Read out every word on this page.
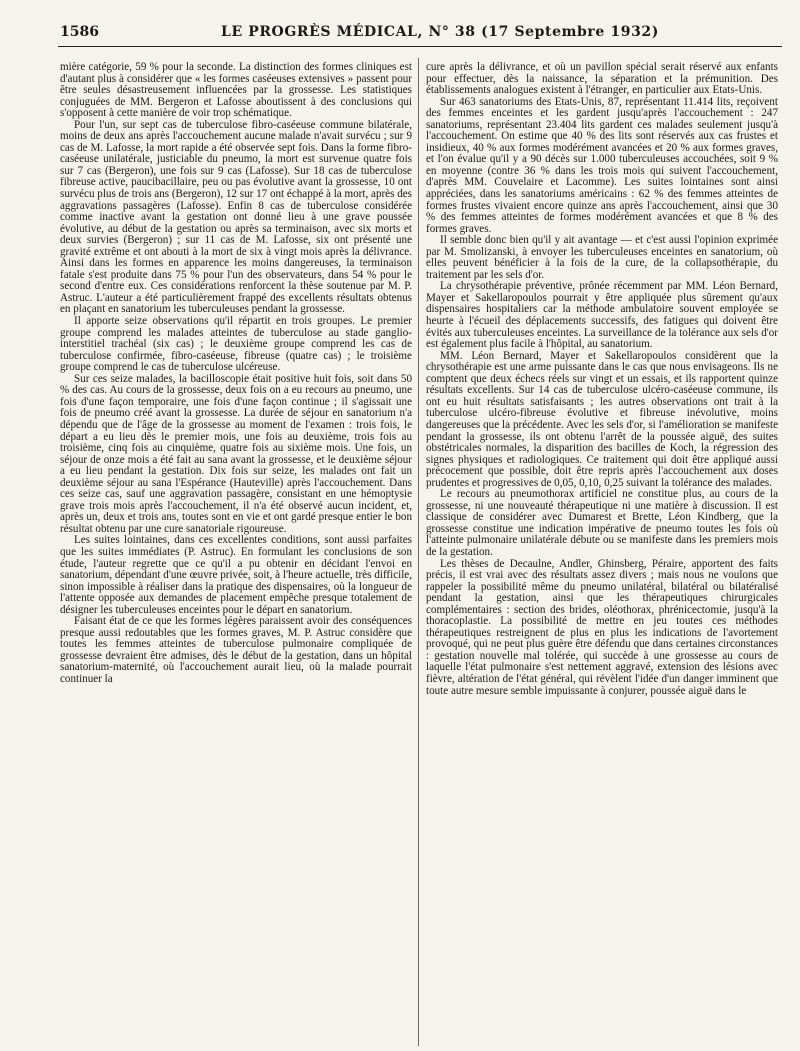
1586	LE PROGRÈS MÉDICAL, N° 38 (17 Septembre 1932)

mière catégorie, 59 % pour la seconde. La distinction des formes cliniques est d'autant plus à considérer que « les formes caséeuses extensives » passent pour être seules désastreusement influencées par la grossesse. Les statistiques conjuguées de MM. Bergeron et Lafosse aboutissent à des conclusions qui s'opposent à cette manière de voir trop schématique.

Pour l'un, sur sept cas de tuberculose fibro-caséeuse commune bilatérale, moins de deux ans après l'accouchement aucune malade n'avait survécu ; sur 9 cas de M. Lafosse, la mort rapide a été observée sept fois. Dans la forme fibro-caséeuse unilatérale, justiciable du pneumo, la mort est survenue quatre fois sur 7 cas (Bergeron), une fois sur 9 cas (Lafosse). Sur 18 cas de tuberculose fibreuse active, paucibacillaire, peu ou pas évolutive avant la grossesse, 10 ont survécu plus de trois ans (Bergeron), 12 sur 17 ont échappé à la mort, après des aggravations passagères (Lafosse). Enfin 8 cas de tuberculose considérée comme inactive avant la gestation ont donné lieu à une grave poussée évolutive, au début de la gestation ou après sa terminaison, avec six morts et deux survies (Bergeron) ; sur 11 cas de M. Lafosse, six ont présenté une gravité extrême et ont abouti à la mort de six à vingt mois après la délivrance. Ainsi dans les formes en apparence les moins dangereuses, la terminaison fatale s'est produite dans 75 % pour l'un des observateurs, dans 54 % pour le second d'entre eux. Ces considérations renforcent la thèse soutenue par M. P. Astruc. L'auteur a été particulièrement frappé des excellents résultats obtenus en plaçant en sanatorium les tuberculeuses pendant la grossesse.

Il apporte seize observations qu'il répartit en trois groupes. Le premier groupe comprend les malades atteintes de tuberculose au stade ganglio-interstitiel trachéal (six cas) ; le deuxième groupe comprend les cas de tuberculose confirmée, fibro-caséeuse, fibreuse (quatre cas) ; le troisième groupe comprend le cas de tuberculose ulcéreuse.

Sur ces seize malades, la bacilloscopie était positive huit fois, soit dans 50 % des cas. Au cours de la grossesse, deux fois on a eu recours au pneumo, une fois d'une façon temporaire, une fois d'une façon continue ; il s'agissait une fois de pneumo créé avant la grossesse. La durée de séjour en sanatorium n'a dépendu que de l'âge de la grossesse au moment de l'examen : trois fois, le départ a eu lieu dès le premier mois, une fois au deuxième, trois fois au troisième, cinq fois au cinquième, quatre fois au sixième mois. Une fois, un séjour de onze mois a été fait au sana avant la grossesse, et le deuxième séjour a eu lieu pendant la gestation. Dix fois sur seize, les malades ont fait un deuxième séjour au sana l'Espérance (Hauteville) après l'accouchement. Dans ces seize cas, sauf une aggravation passagère, consistant en une hémoptysie grave trois mois après l'accouchement, il n'a été observé aucun incident, et, après un, deux et trois ans, toutes sont en vie et ont gardé presque entier le bon résultat obtenu par une cure sanatoriale rigoureuse.

Les suites lointaines, dans ces excellentes conditions, sont aussi parfaites que les suites immédiates (P. Astruc). En formulant les conclusions de son étude, l'auteur regrette que ce qu'il a pu obtenir en décidant l'envoi en sanatorium, dépendant d'une œuvre privée, soit, à l'heure actuelle, très difficile, sinon impossible à réaliser dans la pratique des dispensaires, où la longueur de l'attente opposée aux demandes de placement empêche presque totalement de désigner les tuberculeuses enceintes pour le départ en sanatorium.

Faisant état de ce que les formes légères paraissent avoir des conséquences presque aussi redoutables que les formes graves, M. P. Astruc considère que toutes les femmes atteintes de tuberculose pulmonaire compliquée de grossesse devraient être admises, dès le début de la gestation, dans un hôpital sanatorium-maternité, où l'accouchement aurait lieu, où la malade pourrait continuer la

cure après la délivrance, et où un pavillon spécial serait réservé aux enfants pour effectuer, dès la naissance, la séparation et la prémunition. Des établissements analogues existent à l'étranger, en particulier aux Etats-Unis.

Sur 463 sanatoriums des Etats-Unis, 87, représentant 11.414 lits, reçoivent des femmes enceintes et les gardent jusqu'après l'accouchement : 247 sanatoriums, représentant 23.404 lits gardent ces malades seulement jusqu'à l'accouchement. On estime que 40 % des lits sont réservés aux cas frustes et insidieux, 40 % aux formes modérément avancées et 20 % aux formes graves, et l'on évalue qu'il y a 90 décès sur 1.000 tuberculeuses accouchées, soit 9 % en moyenne (contre 36 % dans les trois mois qui suivent l'accouchement, d'après MM. Couvelaire et Lacomme). Les suites lointaines sont ainsi appréciées, dans les sanatoriums américains : 62 % des femmes atteintes de formes frustes vivaient encore quinze ans après l'accouchement, ainsi que 30 % des femmes atteintes de formes modérément avancées et que 8 % des formes graves.

Il semble donc bien qu'il y ait avantage — et c'est aussi l'opinion exprimée par M. Smolizanski, à envoyer les tuberculeuses enceintes en sanatorium, où elles peuvent bénéficier à la fois de la cure, de la collapsothérapie, du traitement par les sels d'or.

La chrysothérapie préventive, prônée récemment par MM. Léon Bernard, Mayer et Sakellaropoulos pourrait y être appliquée plus sûrement qu'aux dispensaires hospitaliers car la méthode ambulatoire souvent employée se heurte à l'écueil des déplacements successifs, des fatigues qui doivent être évités aux tuberculeuses enceintes. La surveillance de la tolérance aux sels d'or est également plus facile à l'hôpital, au sanatorium.

MM. Léon Bernard, Mayer et Sakellaropoulos considèrent que la chrysothérapie est une arme puissante dans le cas que nous envisageons. Ils ne comptent que deux échecs réels sur vingt et un essais, et ils rapportent quinze résultats excellents. Sur 14 cas de tuberculose ulcéro-caséeuse commune, ils ont eu huit résultats satisfaisants ; les autres observations ont trait à la tuberculose ulcéro-fibreuse évolutive et fibreuse inévolutive, moins dangereuses que la précédente. Avec les sels d'or, si l'amélioration se manifeste pendant la grossesse, ils ont obtenu l'arrêt de la poussée aiguë, des suites obstétricales normales, la disparition des bacilles de Koch, la régression des signes physiques et radiologiques. Ce traitement qui doit être appliqué aussi précocement que possible, doit être repris après l'accouchement aux doses prudentes et progressives de 0,05, 0,10, 0,25 suivant la tolérance des malades.

Le recours au pneumothorax artificiel ne constitue plus, au cours de la grossesse, ni une nouveauté thérapeutique ni une matière à discussion. Il est classique de considérer avec Dumarest et Brette, Léon Kindberg, que la grossesse constitue une indication impérative de pneumo toutes les fois où l'atteinte pulmonaire unilatérale débute ou se manifeste dans les premiers mois de la gestation.

Les thèses de Decaulne, Andler, Ghinsberg, Péraire, apportent des faits précis, il est vrai avec des résultats assez divers ; mais nous ne voulons que rappeler la possibilité même du pneumo unilatéral, bilatéral ou bilatéralisé pendant la gestation, ainsi que les thérapeutiques chirurgicales complémentaires : section des brides, oléothorax, phrénicectomie, jusqu'à la thoracoplastie. La possibilité de mettre en jeu toutes ces méthodes thérapeutiques restreignent de plus en plus les indications de l'avortement provoqué, qui ne peut plus guère être défendu que dans certaines circonstances : gestation nouvelle mal tolérée, qui succède à une grossesse au cours de laquelle l'état pulmonaire s'est nettement aggravé, extension des lésions avec fièvre, altération de l'état général, qui révèlent l'idée d'un danger imminent que toute autre mesure semble impuissante à conjurer, poussée aiguë dans le
